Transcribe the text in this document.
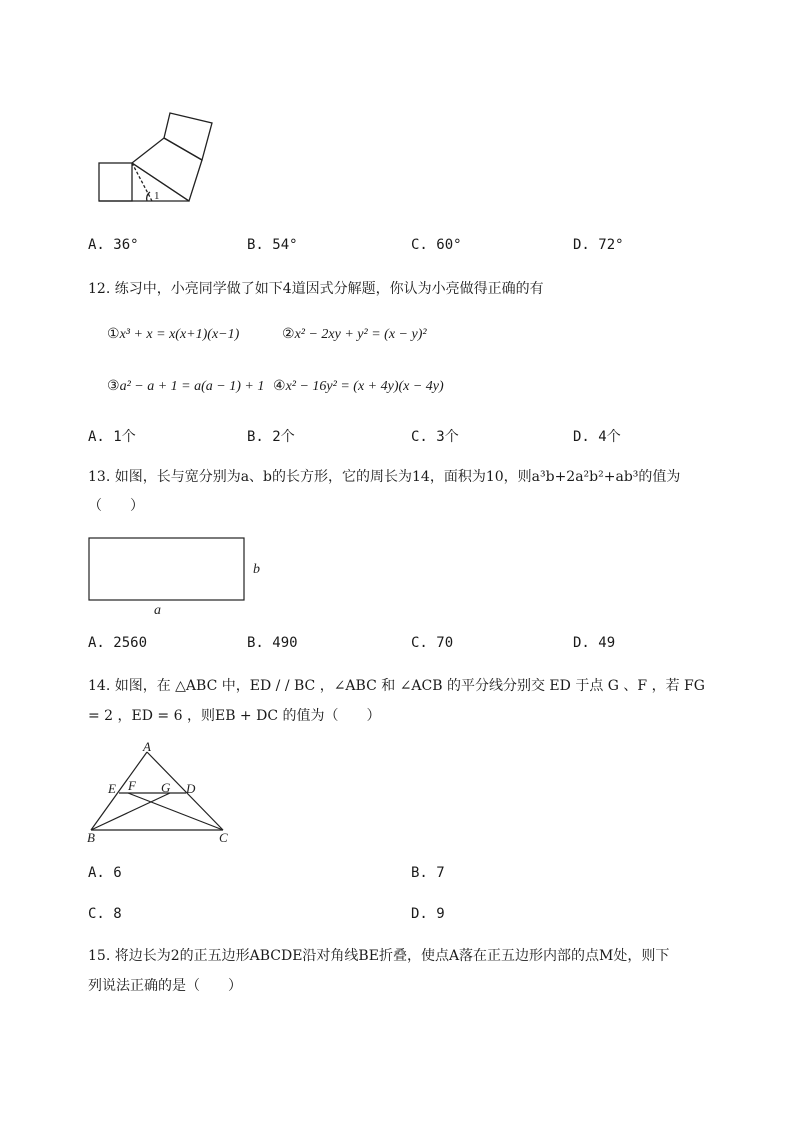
1
A. 36°	B. 54°	C. 60°	D. 72°
12. 练习中，小亮同学做了如下4道因式分解题，你认为小亮做得正确的有
①x³ + x = x(x+1)(x−1)	②x² − 2xy + y² = (x − y)²
③a² − a + 1 = a(a − 1) + 1 ④x² − 16y² = (x + 4y)(x − 4y)
A. 1个	B. 2个	C. 3个	D. 4个
13. 如图，长与宽分别为a、b的长方形，它的周长为14，面积为10，则a³b+2a²b²+ab³的值为
（　　）
b
a
A. 2560	B. 490	C. 70	D. 49
14. 如图，在 △ABC 中，ED / / BC ，∠ABC 和 ∠ACB 的平分线分别交 ED 于点 G 、F ，若 FG
= 2 ，ED = 6 ，则EB + DC 的值为（　　）
A
E F G D
B	C
A. 6	B. 7
C. 8	D. 9
15. 将边长为2的正五边形ABCDE沿对角线BE折叠，使点A落在正五边形内部的点M处，则下
列说法正确的是（　　）
